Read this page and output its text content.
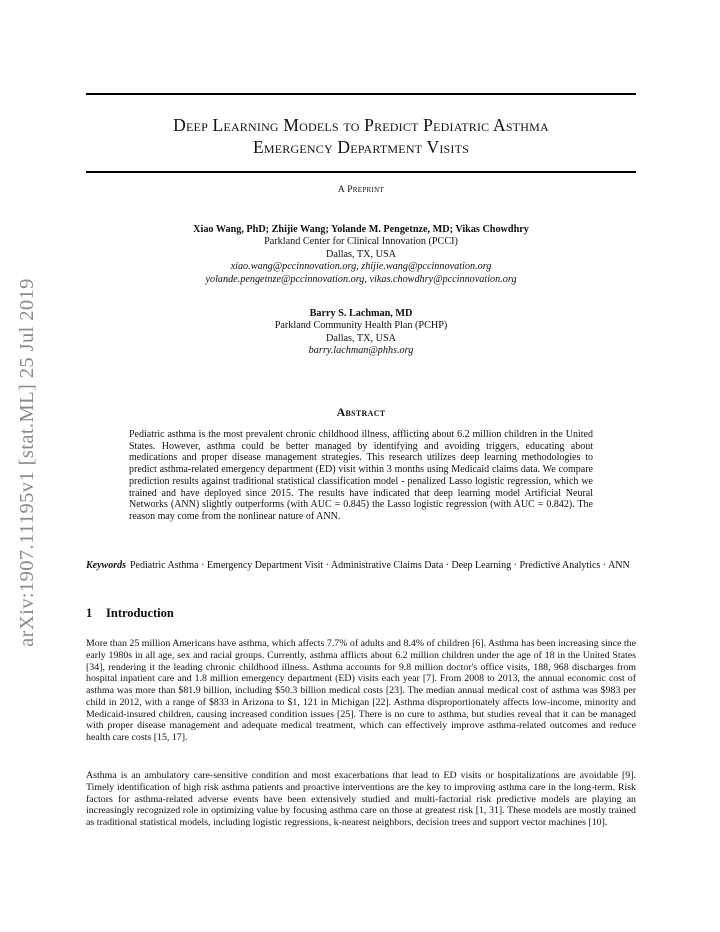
arXiv:1907.11195v1 [stat.ML] 25 Jul 2019
Deep Learning Models to Predict Pediatric Asthma
Emergency Department Visits
A Preprint
Xiao Wang, PhD; Zhijie Wang; Yolande M. Pengetnze, MD; Vikas Chowdhry
Parkland Center for Clinical Innovation (PCCI)
Dallas, TX, USA
xiao.wang@pccinnovation.org, zhijie.wang@pccinnovation.org
yolande.pengetnze@pccinnovation.org, vikas.chowdhry@pccinnovation.org
Barry S. Lachman, MD
Parkland Community Health Plan (PCHP)
Dallas, TX, USA
barry.lachman@phhs.org
Abstract
Pediatric asthma is the most prevalent chronic childhood illness, afflicting about 6.2 million children in the United States. However, asthma could be better managed by identifying and avoiding triggers, educating about medications and proper disease management strategies. This research utilizes deep learning methodologies to predict asthma-related emergency department (ED) visit within 3 months using Medicaid claims data. We compare prediction results against traditional statistical classification model - penalized Lasso logistic regression, which we trained and have deployed since 2015. The results have indicated that deep learning model Artificial Neural Networks (ANN) slightly outperforms (with AUC = 0.845) the Lasso logistic regression (with AUC = 0.842). The reason may come from the nonlinear nature of ANN.
Keywords Pediatric Asthma · Emergency Department Visit · Administrative Claims Data · Deep Learning · Predictive Analytics · ANN
1 Introduction
More than 25 million Americans have asthma, which affects 7.7% of adults and 8.4% of children [6]. Asthma has been increasing since the early 1980s in all age, sex and racial groups. Currently, asthma afflicts about 6.2 million children under the age of 18 in the United States [34], rendering it the leading chronic childhood illness. Asthma accounts for 9.8 million doctor's office visits, 188, 968 discharges from hospital inpatient care and 1.8 million emergency department (ED) visits each year [7]. From 2008 to 2013, the annual economic cost of asthma was more than $81.9 billion, including $50.3 billion medical costs [23]. The median annual medical cost of asthma was $983 per child in 2012, with a range of $833 in Arizona to $1, 121 in Michigan [22]. Asthma disproportionately affects low-income, minority and Medicaid-insured children, causing increased condition issues [25]. There is no cure to asthma, but studies reveal that it can be managed with proper disease management and adequate medical treatment, which can effectively improve asthma-related outcomes and reduce health care costs [15, 17].
Asthma is an ambulatory care-sensitive condition and most exacerbations that lead to ED visits or hospitalizations are avoidable [9]. Timely identification of high risk asthma patients and proactive interventions are the key to improving asthma care in the long-term. Risk factors for asthma-related adverse events have been extensively studied and multi-factorial risk predictive models are playing an increasingly recognized role in optimizing value by focusing asthma care on those at greatest risk [1, 31]. These models are mostly trained as traditional statistical models, including logistic regressions, k-nearest neighbors, decision trees and support vector machines [10].
